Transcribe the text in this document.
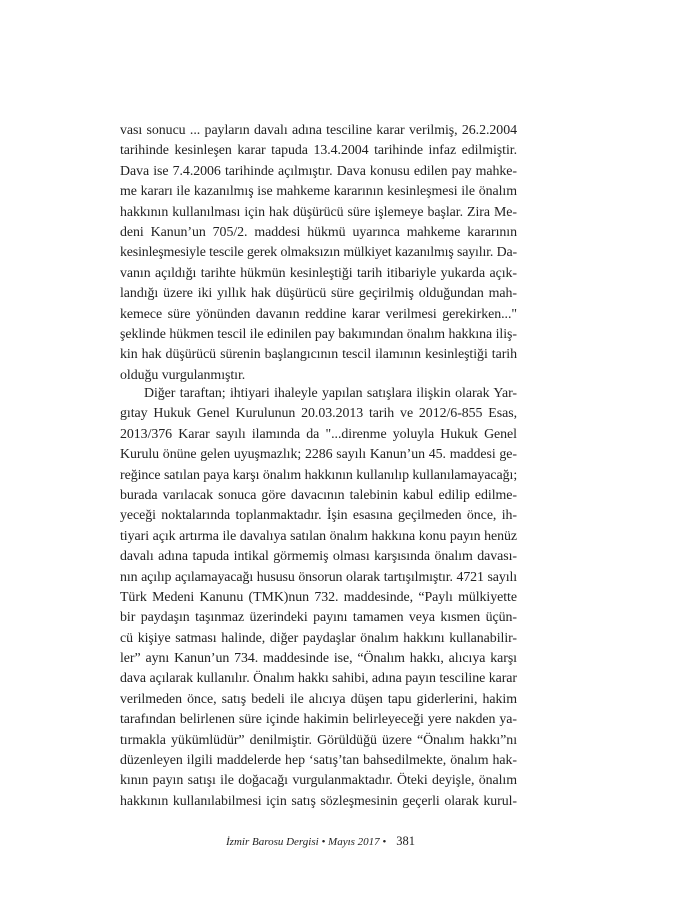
vası sonucu ... payların davalı adına tesciline karar verilmiş, 26.2.2004
tarihinde kesinleşen karar tapuda 13.4.2004 tarihinde infaz edilmiştir.
Dava ise 7.4.2006 tarihinde açılmıştır. Dava konusu edilen pay mahke-
me kararı ile kazanılmış ise mahkeme kararının kesinleşmesi ile önalım
hakkının kullanılması için hak düşürücü süre işlemeye başlar. Zira Me-
deni Kanun’un 705/2. maddesi hükmü uyarınca mahkeme kararının
kesinleşmesiyle tescile gerek olmaksızın mülkiyet kazanılmış sayılır. Da-
vanın açıldığı tarihte hükmün kesinleştiği tarih itibariyle yukarda açık-
landığı üzere iki yıllık hak düşürücü süre geçirilmiş olduğundan mah-
kemece süre yönünden davanın reddine karar verilmesi gerekirken..."
şeklinde hükmen tescil ile edinilen pay bakımından önalım hakkına iliş-
kin hak düşürücü sürenin başlangıcının tescil ilamının kesinleştiği tarih
olduğu vurgulanmıştır.
Diğer taraftan; ihtiyari ihaleyle yapılan satışlara ilişkin olarak Yar-
gıtay Hukuk Genel Kurulunun 20.03.2013 tarih ve 2012/6-855 Esas,
2013/376 Karar sayılı ilamında da "...direnme yoluyla Hukuk Genel
Kurulu önüne gelen uyuşmazlık; 2286 sayılı Kanun’un 45. maddesi ge-
reğince satılan paya karşı önalım hakkının kullanılıp kullanılamayacağı;
burada varılacak sonuca göre davacının talebinin kabul edilip edilme-
yeceği noktalarında toplanmaktadır. İşin esasına geçilmeden önce, ih-
tiyari açık artırma ile davalıya satılan önalım hakkına konu payın henüz
davalı adına tapuda intikal görmemiş olması karşısında önalım davası-
nın açılıp açılamayacağı hususu önsorun olarak tartışılmıştır. 4721 sayılı
Türk Medeni Kanunu (TMK)nun 732. maddesinde, “Paylı mülkiyette
bir paydaşın taşınmaz üzerindeki payını tamamen veya kısmen üçün-
cü kişiye satması halinde, diğer paydaşlar önalım hakkını kullanabilir-
ler” aynı Kanun’un 734. maddesinde ise, “Önalım hakkı, alıcıya karşı
dava açılarak kullanılır. Önalım hakkı sahibi, adına payın tesciline karar
verilmeden önce, satış bedeli ile alıcıya düşen tapu giderlerini, hakim
tarafından belirlenen süre içinde hakimin belirleyeceği yere nakden ya-
tırmakla yükümlüdür” denilmiştir. Görüldüğü üzere “Önalım hakkı”nı
düzenleyen ilgili maddelerde hep ‘satış’tan bahsedilmekte, önalım hak-
kının payın satışı ile doğacağı vurgulanmaktadır. Öteki deyişle, önalım
hakkının kullanılabilmesi için satış sözleşmesinin geçerli olarak kurul-
İzmir Barosu Dergisi • Mayıs 2017 • 381
